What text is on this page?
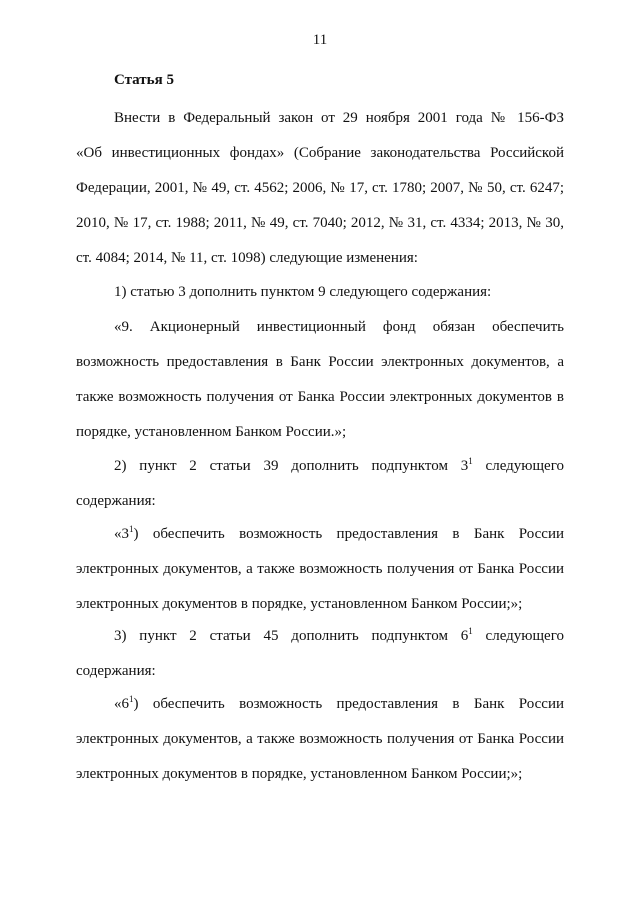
11
Статья 5
Внести в Федеральный закон от 29 ноября 2001 года № 156-ФЗ
«Об инвестиционных фондах» (Собрание законодательства Российской
Федерации, 2001, № 49, ст. 4562; 2006, № 17, ст. 1780; 2007, № 50, ст. 6247;
2010, № 17, ст. 1988; 2011, № 49, ст. 7040; 2012, № 31, ст. 4334; 2013, № 30,
ст. 4084; 2014, № 11, ст. 1098) следующие изменения:
1) статью 3 дополнить пунктом 9 следующего содержания:
«9. Акционерный инвестиционный фонд обязан обеспечить
возможность предоставления в Банк России электронных документов, а
также возможность получения от Банка России электронных документов в
порядке, установленном Банком России.»;
2) пункт 2 статьи 39 дополнить подпунктом $3^1$ следующего
содержания:
«$3^1$) обеспечить возможность предоставления в Банк России
электронных документов, а также возможность получения от Банка России
электронных документов в порядке, установленном Банком России;»;
3) пункт 2 статьи 45 дополнить подпунктом $6^1$ следующего
содержания:
«$6^1$) обеспечить возможность предоставления в Банк России
электронных документов, а также возможность получения от Банка России
электронных документов в порядке, установленном Банком России;»;
